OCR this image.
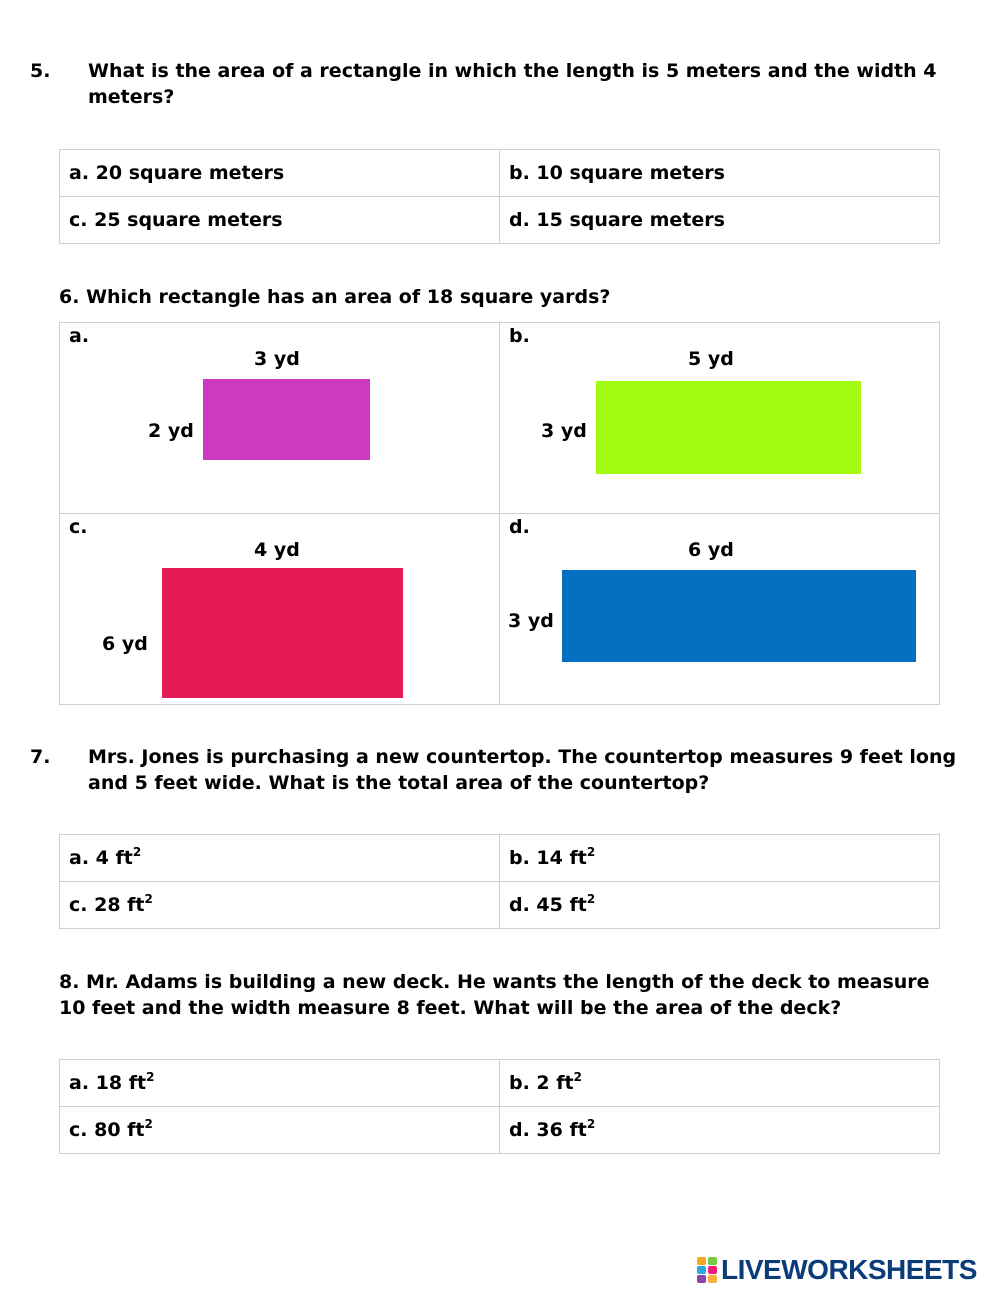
5. What is the area of a rectangle in which the length is 5 meters and the width 4 meters?
a. 20 square meters	b. 10 square meters
c. 25 square meters	d. 15 square meters
6. Which rectangle has an area of 18 square yards?
a.
3 yd
2 yd	b.
5 yd
3 yd

c.
4 yd
6 yd	d.
6 yd
3 yd
7. Mrs. Jones is purchasing a new countertop. The countertop measures 9 feet long and 5 feet wide. What is the total area of the countertop?
a. 4 $ft^2$	b. 14 $ft^2$
c. 28 $ft^2$	d. 45 $ft^2$
8. Mr. Adams is building a new deck. He wants the length of the deck to measure 10 feet and the width measure 8 feet. What will be the area of the deck?
a. 18 $ft^2$	b. 2 $ft^2$
c. 80 $ft^2$	d. 36 $ft^2$
LIVEWORKSHEETS
